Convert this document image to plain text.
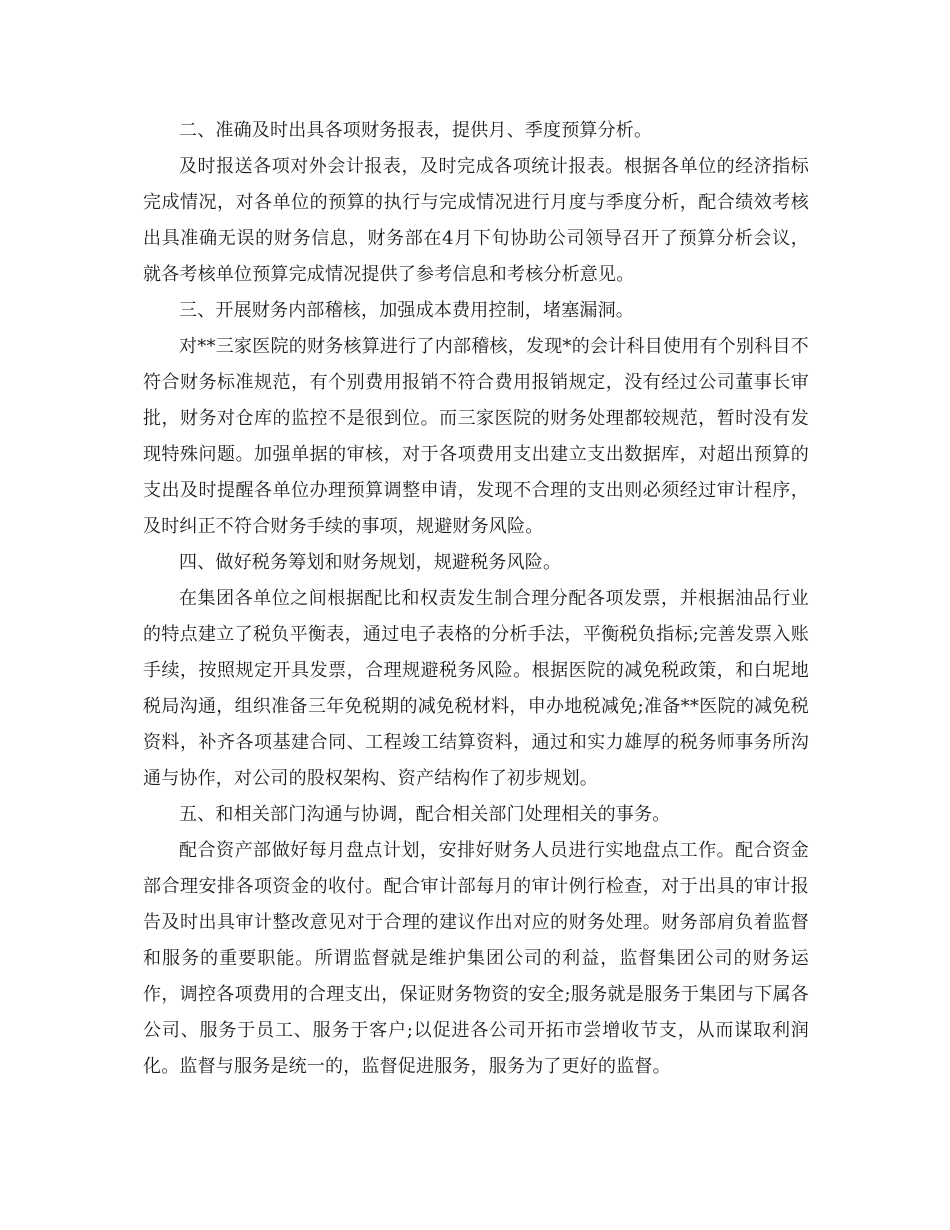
二、准确及时出具各项财务报表，提供月、季度预算分析。

及时报送各项对外会计报表，及时完成各项统计报表。根据各单位的经济指标完成情况，对各单位的预算的执行与完成情况进行月度与季度分析，配合绩效考核出具准确无误的财务信息，财务部在4月下旬协助公司领导召开了预算分析会议，就各考核单位预算完成情况提供了参考信息和考核分析意见。

三、开展财务内部稽核，加强成本费用控制，堵塞漏洞。

对**三家医院的财务核算进行了内部稽核，发现*的会计科目使用有个别科目不符合财务标准规范，有个别费用报销不符合费用报销规定，没有经过公司董事长审批，财务对仓库的监控不是很到位。而三家医院的财务处理都较规范，暂时没有发现特殊问题。加强单据的审核，对于各项费用支出建立支出数据库，对超出预算的支出及时提醒各单位办理预算调整申请，发现不合理的支出则必须经过审计程序，及时纠正不符合财务手续的事项，规避财务风险。

四、做好税务筹划和财务规划，规避税务风险。

在集团各单位之间根据配比和权责发生制合理分配各项发票，并根据油品行业的特点建立了税负平衡表，通过电子表格的分析手法，平衡税负指标;完善发票入账手续，按照规定开具发票，合理规避税务风险。根据医院的减免税政策，和白坭地税局沟通，组织准备三年免税期的减免税材料，申办地税减免;准备**医院的减免税资料，补齐各项基建合同、工程竣工结算资料，通过和实力雄厚的税务师事务所沟通与协作，对公司的股权架构、资产结构作了初步规划。

五、和相关部门沟通与协调，配合相关部门处理相关的事务。

配合资产部做好每月盘点计划，安排好财务人员进行实地盘点工作。配合资金部合理安排各项资金的收付。配合审计部每月的审计例行检查，对于出具的审计报告及时出具审计整改意见对于合理的建议作出对应的财务处理。财务部肩负着监督和服务的重要职能。所谓监督就是维护集团公司的利益，监督集团公司的财务运作，调控各项费用的合理支出，保证财务物资的安全;服务就是服务于集团与下属各公司、服务于员工、服务于客户;以促进各公司开拓市尝增收节支，从而谋取利润化。监督与服务是统一的，监督促进服务，服务为了更好的监督。
